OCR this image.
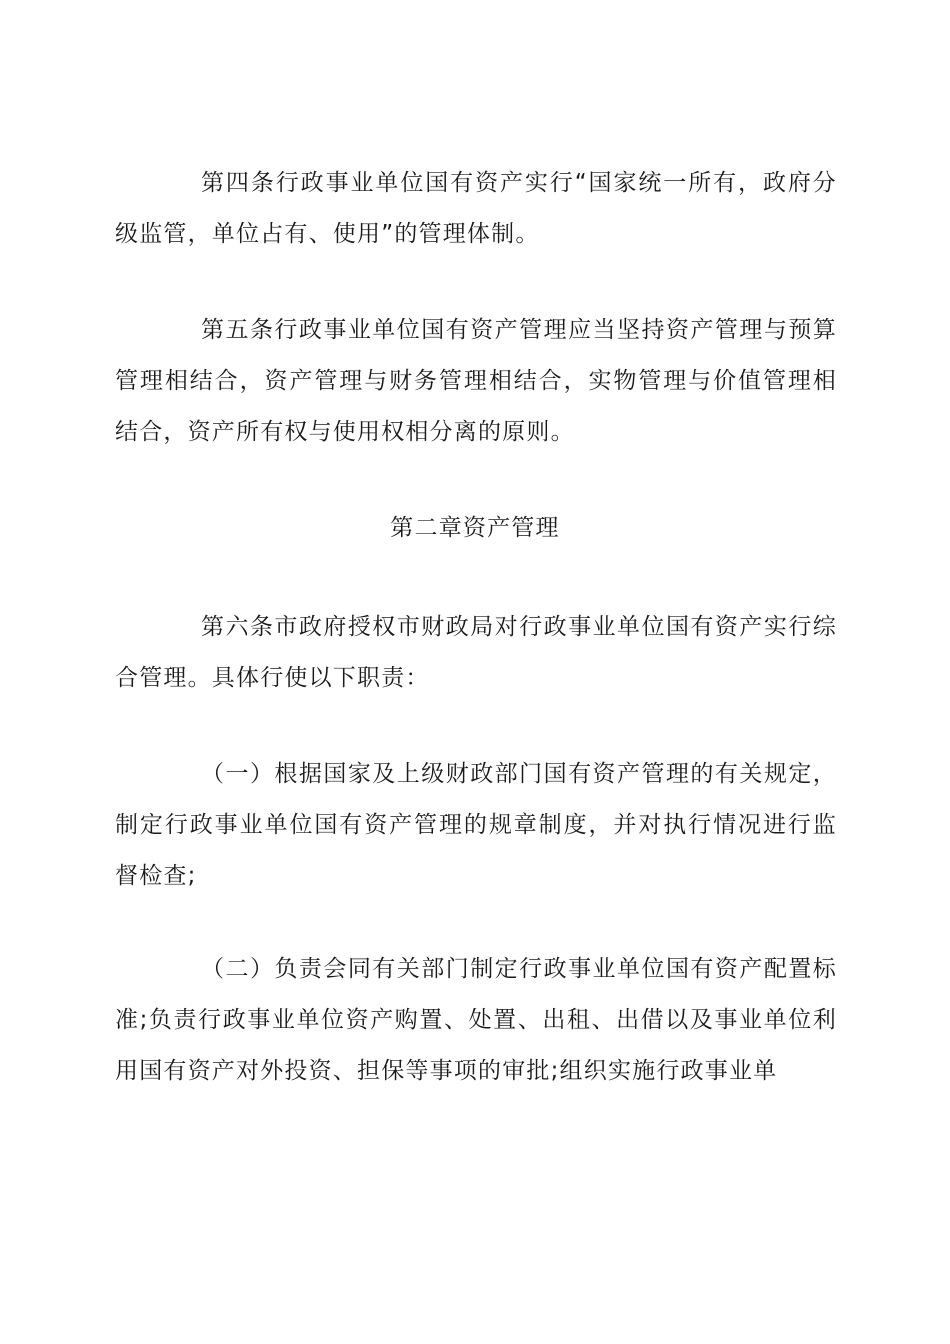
第四条行政事业单位国有资产实行“国家统一所有，政府分级监管，单位占有、使用”的管理体制。

第五条行政事业单位国有资产管理应当坚持资产管理与预算管理相结合，资产管理与财务管理相结合，实物管理与价值管理相结合，资产所有权与使用权相分离的原则。

第二章资产管理

第六条市政府授权市财政局对行政事业单位国有资产实行综合管理。具体行使以下职责：

（一）根据国家及上级财政部门国有资产管理的有关规定，制定行政事业单位国有资产管理的规章制度，并对执行情况进行监督检查;

（二）负责会同有关部门制定行政事业单位国有资产配置标准;负责行政事业单位资产购置、处置、出租、出借以及事业单位利用国有资产对外投资、担保等事项的审批;组织实施行政事业单
